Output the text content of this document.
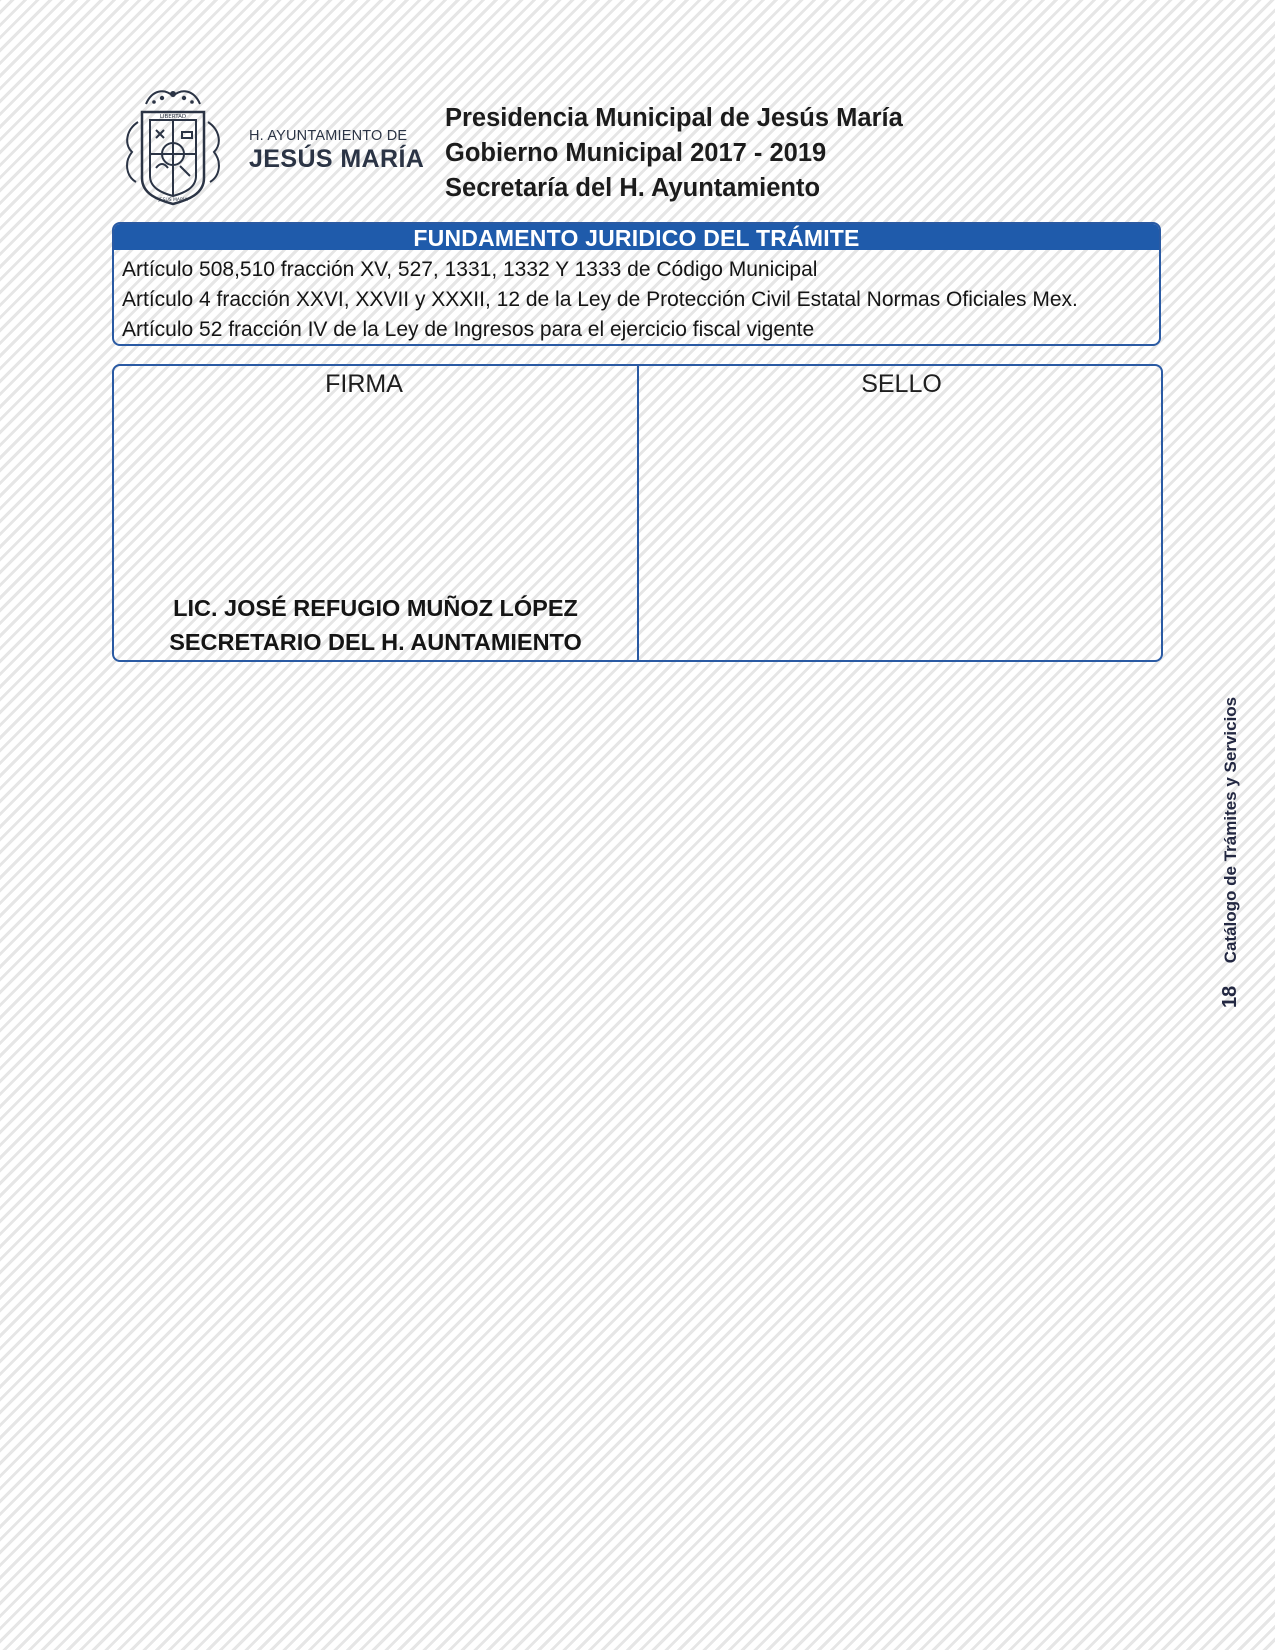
LIBERTAD
JESÚS MARÍA
H. AYUNTAMIENTO DE
JESÚS MARÍA
Presidencia Municipal de Jesús María
Gobierno Municipal 2017 - 2019
Secretaría del H. Ayuntamiento
FUNDAMENTO JURIDICO DEL TRÁMITE
Artículo 508,510 fracción XV, 527, 1331, 1332 Y 1333 de Código Municipal
Artículo 4 fracción XXVI, XXVII y XXXII, 12 de la Ley de Protección Civil Estatal Normas Oficiales Mex.
Artículo 52 fracción IV de la Ley de Ingresos para el ejercicio fiscal vigente
FIRMA	SELLO
LIC. JOSÉ REFUGIO MUÑOZ LÓPEZ
SECRETARIO DEL H. AUNTAMIENTO
18 Catálogo de Trámites y Servicios
